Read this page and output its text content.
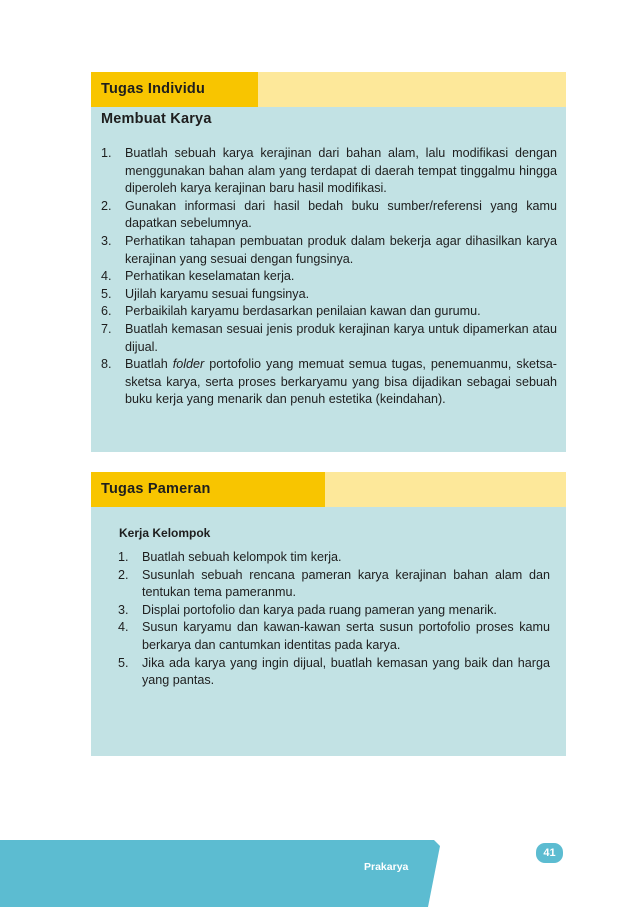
Tugas Individu
Membuat Karya
1. Buatlah sebuah karya kerajinan dari bahan alam, lalu modifikasi dengan menggunakan bahan alam yang terdapat di daerah tempat tinggalmu hingga diperoleh karya kerajinan baru hasil modifikasi.
2. Gunakan informasi dari hasil bedah buku sumber/referensi yang kamu dapatkan sebelumnya.
3. Perhatikan tahapan pembuatan produk dalam bekerja agar dihasilkan karya kerajinan yang sesuai dengan fungsinya.
4. Perhatikan keselamatan kerja.
5. Ujilah karyamu sesuai fungsinya.
6. Perbaikilah karyamu berdasarkan penilaian kawan dan gurumu.
7. Buatlah kemasan sesuai jenis produk kerajinan karya untuk dipamerkan atau dijual.
8. Buatlah folder portofolio yang memuat semua tugas, penemuanmu, sketsa-sketsa karya, serta proses berkaryamu yang bisa dijadikan sebagai sebuah buku kerja yang menarik dan penuh estetika (keindahan).
Tugas Pameran
Kerja Kelompok
1. Buatlah sebuah kelompok tim kerja.
2. Susunlah sebuah rencana pameran karya kerajinan bahan alam dan tentukan tema pameranmu.
3. Displai portofolio dan karya pada ruang pameran yang menarik.
4. Susun karyamu dan kawan-kawan serta susun portofolio proses kamu berkarya dan cantumkan identitas pada karya.
5. Jika ada karya yang ingin dijual, buatlah kemasan yang baik dan harga yang pantas.
Prakarya
41
